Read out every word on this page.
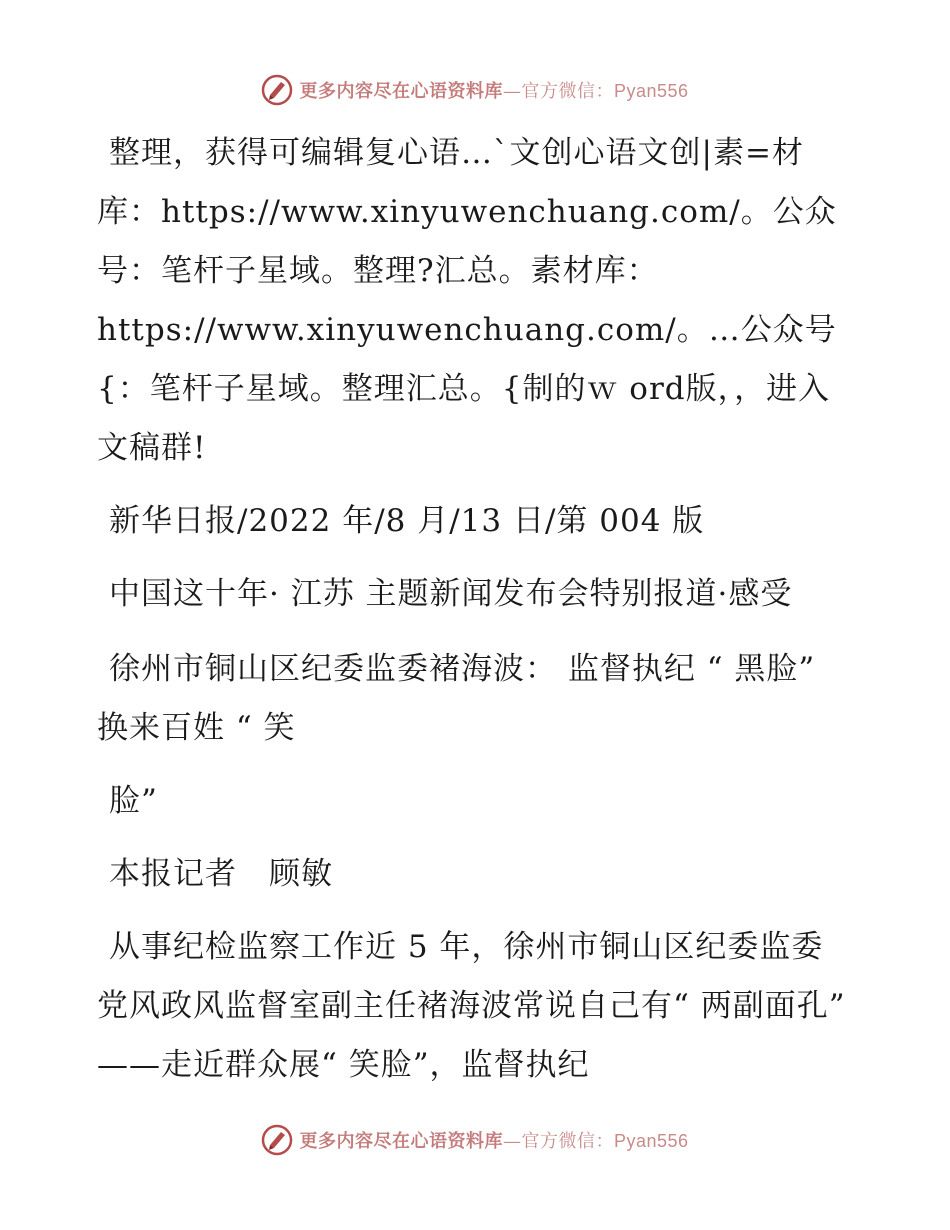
更多内容尽在心语资料库—官方微信：Pyan556

整理，获得可编辑复心语…ˋ文创心语文创|素=材库：https://www.xinyuwenchuang.com/。公众号：笔杆子星域。整理?汇总。素材库：https://www.xinyuwenchuang.com/。…公众号{：笔杆子星域。整理汇总。{制的ｗ ord版，，进入文稿群!

新华日报/2022 年/8 月/13 日/第 004 版

中国这十年· 江苏 主题新闻发布会特别报道·感受

徐州市铜山区纪委监委褚海波： 监督执纪 “ 黑脸” 换来百姓 “ 笑

脸”

本报记者　顾敏

从事纪检监察工作近 5 年，徐州市铜山区纪委监委党风政风监督室副主任褚海波常说自己有“ 两副面孔” ——走近群众展“ 笑脸”，监督执纪

更多内容尽在心语资料库—官方微信：Pyan556
